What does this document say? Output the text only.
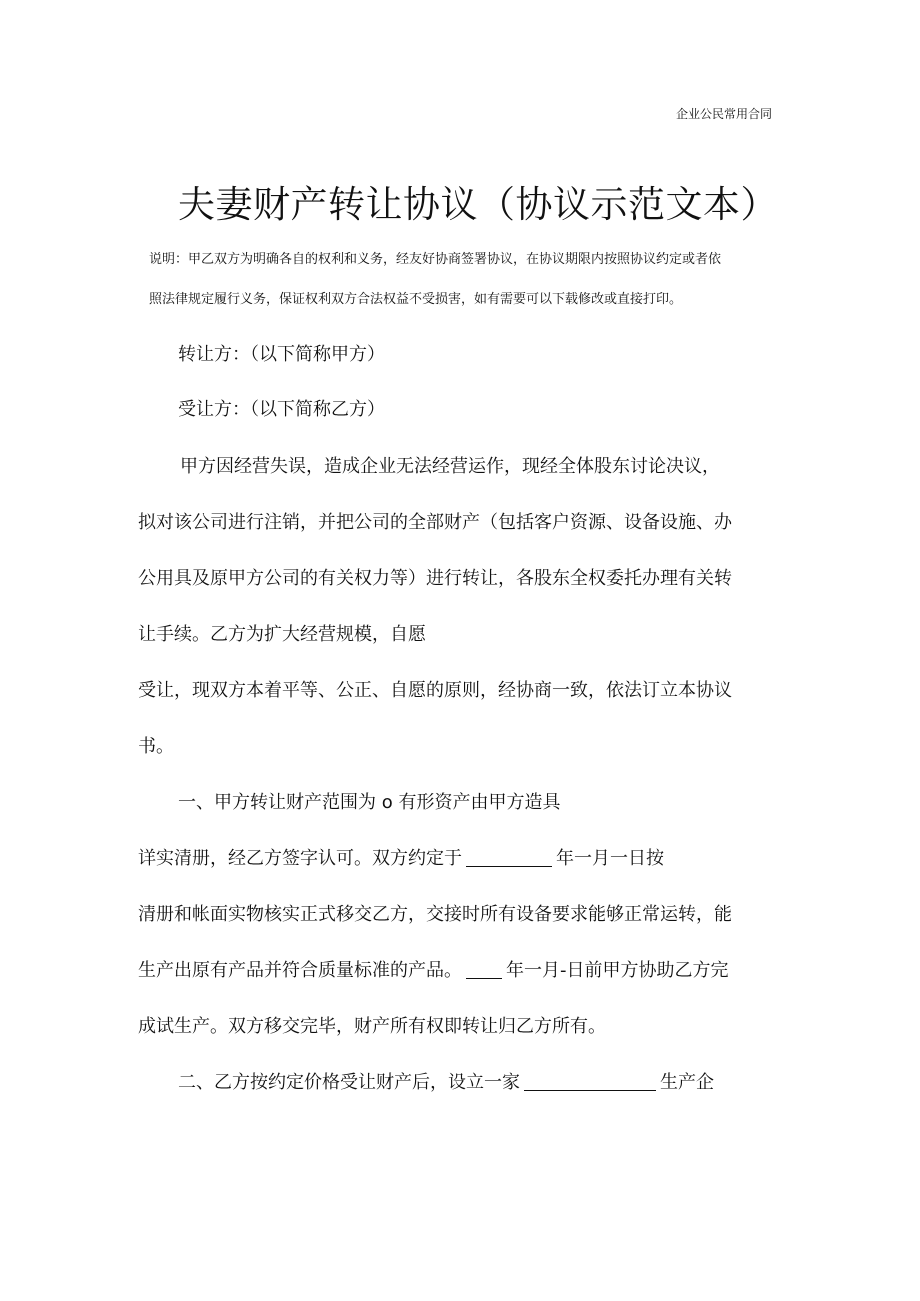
企业公民常用合同
夫妻财产转让协议（协议示范文本）
说明：甲乙双方为明确各自的权利和义务，经友好协商签署协议，在协议期限内按照协议约定或者依
照法律规定履行义务，保证权利双方合法权益不受损害，如有需要可以下载修改或直接打印。
转让方：（以下简称甲方）
受让方：（以下简称乙方）
甲方因经营失误，造成企业无法经营运作，现经全体股东讨论决议，
拟对该公司进行注销，并把公司的全部财产（包括客户资源、设备设施、办
公用具及原甲方公司的有关权力等）进行转让，各股东全权委托办理有关转
让手续。乙方为扩大经营规模，自愿
受让，现双方本着平等、公正、自愿的原则，经协商一致，依法订立本协议
书。
一、甲方转让财产范围为 o 有形资产由甲方造具
详实清册，经乙方签字认可。双方约定于	年一月一日按
清册和帐面实物核实正式移交乙方，交接时所有设备要求能够正常运转，能
生产出原有产品并符合质量标准的产品。 年一月-日前甲方协助乙方完
成试生产。双方移交完毕，财产所有权即转让归乙方所有。
二、乙方按约定价格受让财产后，设立一家	生产企
